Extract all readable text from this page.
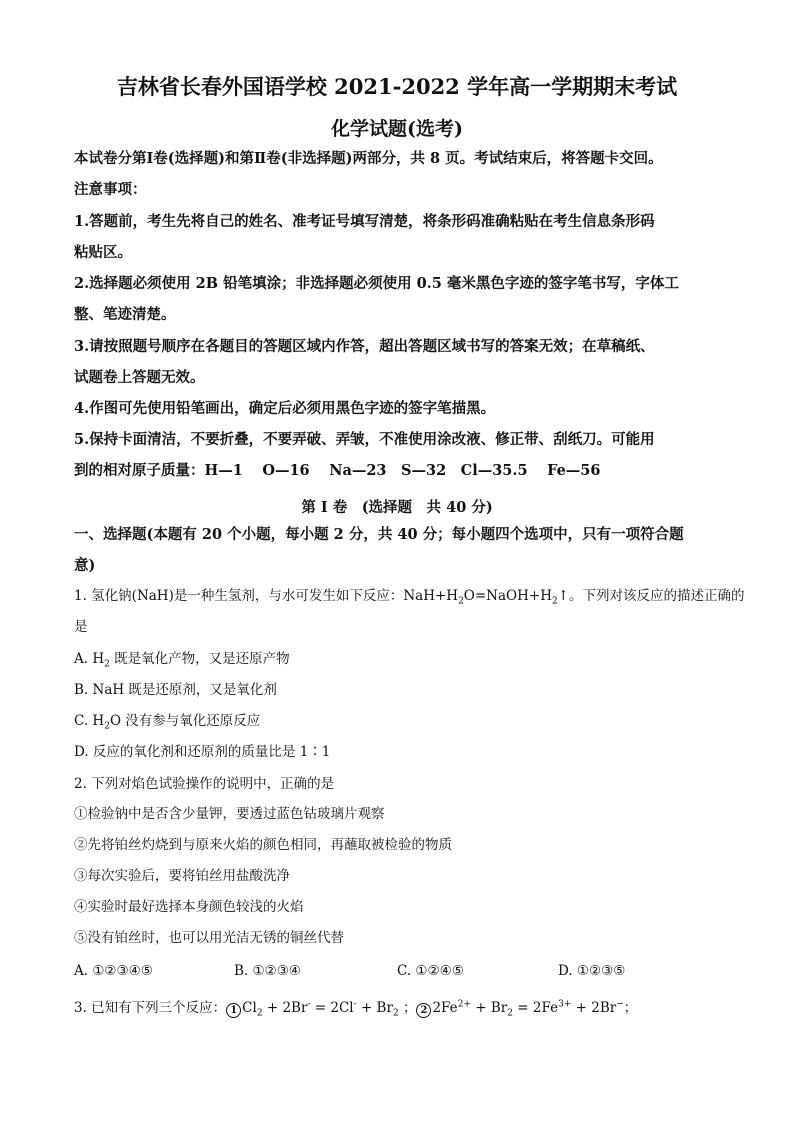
吉林省长春外国语学校 2021-2022 学年高一学期期末考试
化学试题(选考)
本试卷分第Ⅰ卷(选择题)和第Ⅱ卷(非选择题)两部分，共 8 页。考试结束后，将答题卡交回。
注意事项：
1.答题前，考生先将自己的姓名、准考证号填写清楚，将条形码准确粘贴在考生信息条形码
粘贴区。
2.选择题必须使用 2B 铅笔填涂；非选择题必须使用 0.5 毫米黑色字迹的签字笔书写，字体工
整、笔迹清楚。
3.请按照题号顺序在各题目的答题区域内作答，超出答题区域书写的答案无效；在草稿纸、
试题卷上答题无效。
4.作图可先使用铅笔画出，确定后必须用黑色字迹的签字笔描黑。
5.保持卡面清洁，不要折叠，不要弄破、弄皱，不准使用涂改液、修正带、刮纸刀。可能用
到的相对原子质量：H—1　 O—16　 Na—23　S—32　Cl—35.5　 Fe—56
第 I 卷　(选择题　共 40 分)
一、选择题(本题有 20 个小题，每小题 2 分，共 40 分；每小题四个选项中，只有一项符合题
意)
1. 氢化钠(NaH)是一种生氢剂，与水可发生如下反应：$NaH+H_2O=NaOH+H_2↑$。下列对该反应的描述正确的
是
A. $H_2$ 既是氧化产物，又是还原产物
B. NaH 既是还原剂，又是氧化剂
C. $H_2O$ 没有参与氧化还原反应
D. 反应的氧化剂和还原剂的质量比是 1∶1
2. 下列对焰色试验操作的说明中，正确的是
①检验钠中是否含少量钾，要透过蓝色钴玻璃片观察
②先将铂丝灼烧到与原来火焰的颜色相同，再蘸取被检验的物质
③每次实验后，要将铂丝用盐酸洗净
④实验时最好选择本身颜色较浅的火焰
⑤没有铂丝时，也可以用光洁无锈的铜丝代替
A. ①②③④⑤	B. ①②③④	C. ①②④⑤	D. ①②③⑤
3. 已知有下列三个反应： 1 $Cl_2 + 2Br^- = 2Cl^- + Br_2$ ； 2 $2Fe^{2+} + Br_2 = 2Fe^{3+} + 2Br^-$；
